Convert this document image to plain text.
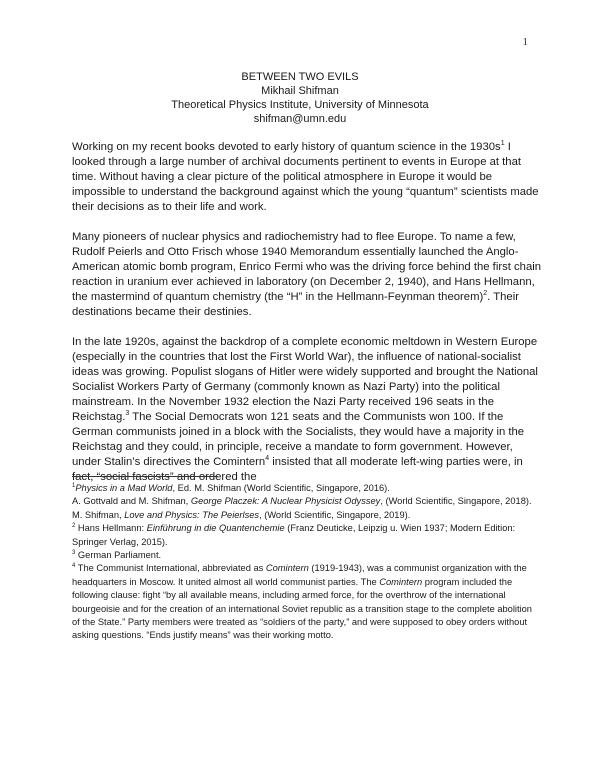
1
BETWEEN TWO EVILS
Mikhail Shifman
Theoretical Physics Institute, University of Minnesota
shifman@umn.edu

Working on my recent books devoted to early history of quantum science in the $1930s^1$ I looked through a large number of archival documents pertinent to events in Europe at that time. Without having a clear picture of the political atmosphere in Europe it would be impossible to understand the background against which the young “quantum” scientists made their decisions as to their life and work.

Many pioneers of nuclear physics and radiochemistry had to flee Europe. To name a few, Rudolf Peierls and Otto Frisch whose 1940 Memorandum essentially launched the Anglo-American atomic bomb program, Enrico Fermi who was the driving force behind the first chain reaction in uranium ever achieved in laboratory (on December 2, 1940), and Hans Hellmann, the mastermind of quantum chemistry (the “H” in the Hellmann-Feynman theorem)$^2$. Their destinations became their destinies.

In the late 1920s, against the backdrop of a complete economic meltdown in Western Europe (especially in the countries that lost the First World War), the influence of national-socialist ideas was growing. Populist slogans of Hitler were widely supported and brought the National Socialist Workers Party of Germany (commonly known as Nazi Party) into the political mainstream. In the November 1932 election the Nazi Party received 196 seats in the Reichstag.$^3$ The Social Democrats won 121 seats and the Communists won 100. If the German communists joined in a block with the Socialists, they would have a majority in the Reichstag and they could, in principle, receive a mandate to form government. However, under Stalin’s directives the Comintern$^4$ insisted that all moderate left-wing parties were, in fact, “social fascists” and ordered the

$^1$Physics in a Mad World, Ed. M. Shifman (World Scientific, Singapore, 2016).
A. Gottvald and M. Shifman, George Placzek: A Nuclear Physicist Odyssey, (World Scientific, Singapore, 2018).
M. Shifman, Love and Physics: The Peierlses, (World Scientific, Singapore, 2019).
$^2$ Hans Hellmann: Einführung in die Quantenchemie (Franz Deuticke, Leipzig u. Wien 1937; Modern Edition: Springer Verlag, 2015).
$^3$ German Parliament.
$^4$ The Communist International, abbreviated as Comintern (1919-1943), was a communist organization with the headquarters in Moscow. It united almost all world communist parties. The Comintern program included the following clause: fight “by all available means, including armed force, for the overthrow of the international bourgeoisie and for the creation of an international Soviet republic as a transition stage to the complete abolition of the State.” Party members were treated as “soldiers of the party,” and were supposed to obey orders without asking questions. “Ends justify means” was their working motto.
